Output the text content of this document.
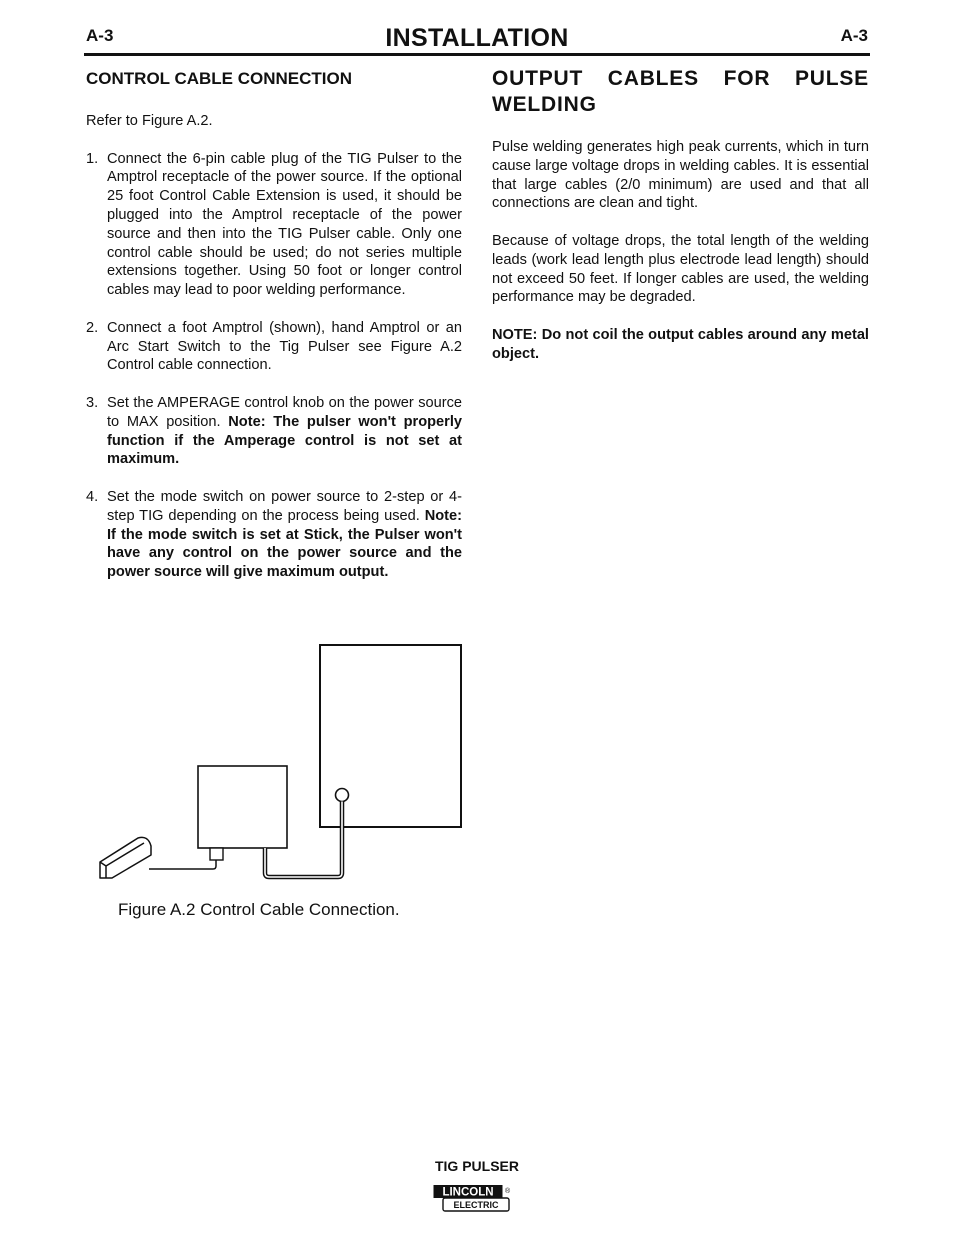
A-3	INSTALLATION	A-3
CONTROL CABLE CONNECTION

Refer to Figure A.2.

1. Connect the 6-pin cable plug of the TIG Pulser to the Amptrol receptacle of the power source. If the optional 25 foot Control Cable Extension is used, it should be plugged into the Amptrol receptacle of the power source and then into the TIG Pulser cable. Only one control cable should be used; do not series multiple extensions together. Using 50 foot or longer control cables may lead to poor welding performance.
2. Connect a foot Amptrol (shown), hand Amptrol or an Arc Start Switch to the Tig Pulser see Figure A.2 Control cable connection.
3. Set the AMPERAGE control knob on the power source to MAX position. Note: The pulser won't properly function if the Amperage control is not set at maximum.
4. Set the mode switch on power source to 2-step or 4-step TIG depending on the process being used. Note: If the mode switch is set at Stick, the Pulser won't have any control on the power source and the power source will give maximum output.
OUTPUT CABLES FOR PULSE WELDING

Pulse welding generates high peak currents, which in turn cause large voltage drops in welding cables. It is essential that large cables (2/0 minimum) are used and that all connections are clean and tight.

Because of voltage drops, the total length of the welding leads (work lead length plus electrode lead length) should not exceed 50 feet. If longer cables are used, the welding performance may be degraded.

NOTE: Do not coil the output cables around any metal object.

Figure A.2 Control Cable Connection.
TIG PULSER
LINCOLN ®
ELECTRIC
